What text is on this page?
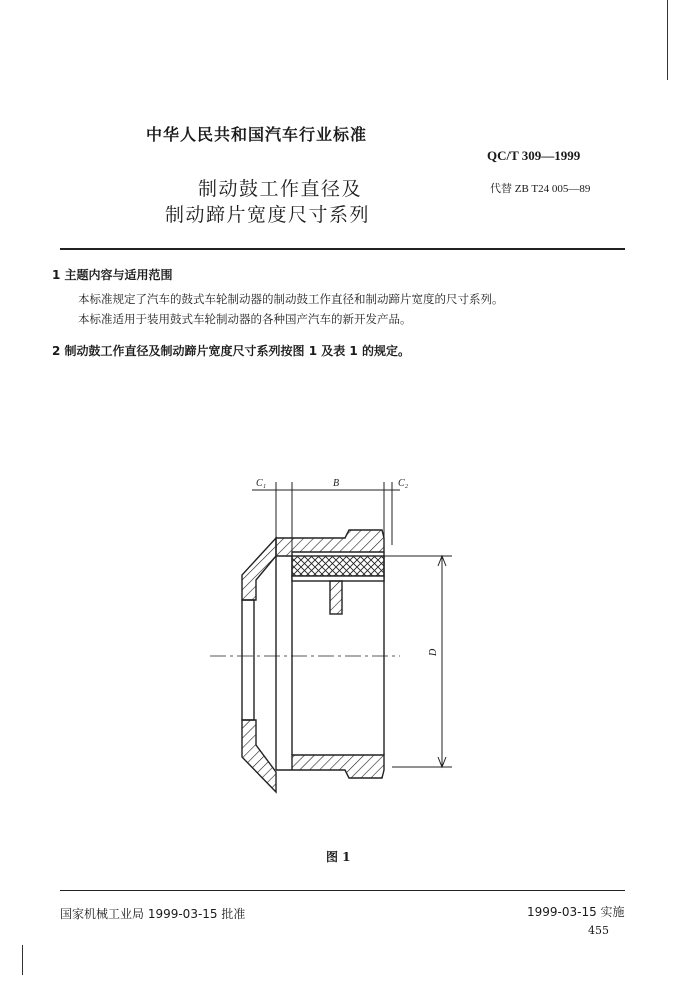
中华人民共和国汽车行业标准
QC/T 309—1999
制动鼓工作直径及
制动蹄片宽度尺寸系列
代替 ZB T24 005—89
1 主题内容与适用范围
本标准规定了汽车的鼓式车轮制动器的制动鼓工作直径和制动蹄片宽度的尺寸系列。
本标准适用于装用鼓式车轮制动器的各种国产汽车的新开发产品。
2 制动鼓工作直径及制动蹄片宽度尺寸系列按图 1 及表 1 的规定。
C₁	B	C₂
D
图 1
国家机械工业局 1999-03-15 批准	1999-03-15 实施
455
